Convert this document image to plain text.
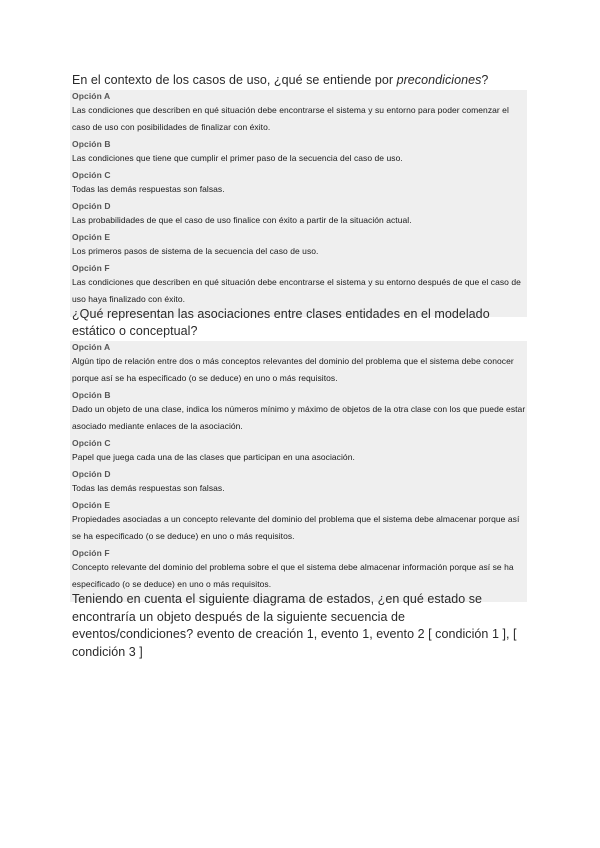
En el contexto de los casos de uso, ¿qué se entiende por precondiciones?

Opción A
Las condiciones que describen en qué situación debe encontrarse el sistema y su entorno para poder comenzar el caso de uso con posibilidades de finalizar con éxito.
Opción B
Las condiciones que tiene que cumplir el primer paso de la secuencia del caso de uso.
Opción C
Todas las demás respuestas son falsas.
Opción D
Las probabilidades de que el caso de uso finalice con éxito a partir de la situación actual.
Opción E
Los primeros pasos de sistema de la secuencia del caso de uso.
Opción F
Las condiciones que describen en qué situación debe encontrarse el sistema y su entorno después de que el caso de uso haya finalizado con éxito.

¿Qué representan las asociaciones entre clases entidades en el modelado estático o conceptual?

Opción A
Algún tipo de relación entre dos o más conceptos relevantes del dominio del problema que el sistema debe conocer porque así se ha especificado (o se deduce) en uno o más requisitos.
Opción B
Dado un objeto de una clase, indica los números mínimo y máximo de objetos de la otra clase con los que puede estar asociado mediante enlaces de la asociación.
Opción C
Papel que juega cada una de las clases que participan en una asociación.
Opción D
Todas las demás respuestas son falsas.
Opción E
Propiedades asociadas a un concepto relevante del dominio del problema que el sistema debe almacenar porque así se ha especificado (o se deduce) en uno o más requisitos.
Opción F
Concepto relevante del dominio del problema sobre el que el sistema debe almacenar información porque así se ha especificado (o se deduce) en uno o más requisitos.

Teniendo en cuenta el siguiente diagrama de estados, ¿en qué estado se encontraría un objeto después de la siguiente secuencia de eventos/condiciones? evento de creación 1, evento 1, evento 2 [ condición 1 ], [ condición 3 ]
